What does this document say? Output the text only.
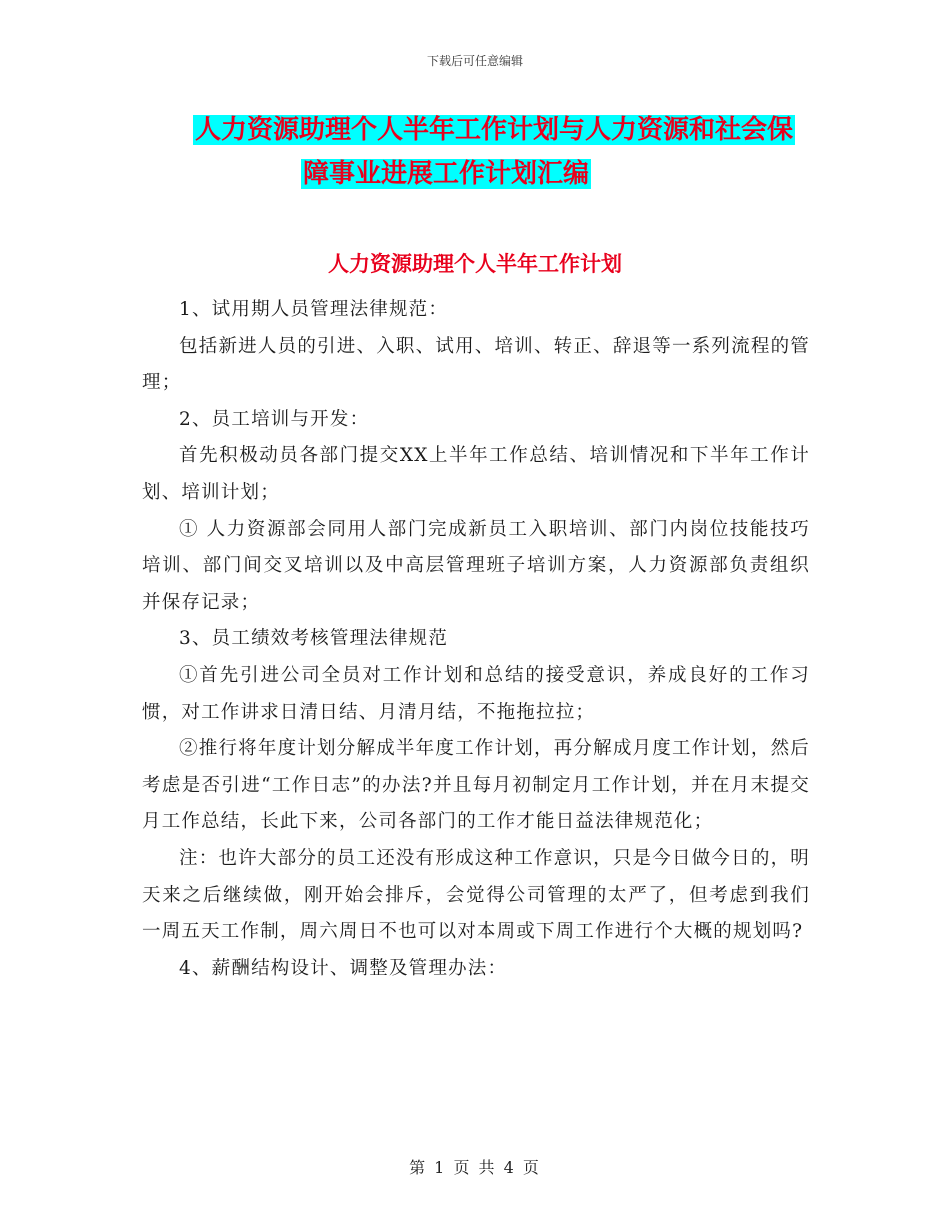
下载后可任意编辑
人力资源助理个人半年工作计划与人力资源和社会保
障事业进展工作计划汇编
人力资源助理个人半年工作计划

1、试用期人员管理法律规范：

包括新进人员的引进、入职、试用、培训、转正、辞退等一系列流程的管理；

2、员工培训与开发：

首先积极动员各部门提交XX上半年工作总结、培训情况和下半年工作计划、培训计划；

① 人力资源部会同用人部门完成新员工入职培训、部门内岗位技能技巧培训、部门间交叉培训以及中高层管理班子培训方案，人力资源部负责组织并保存记录；

3、员工绩效考核管理法律规范

①首先引进公司全员对工作计划和总结的接受意识，养成良好的工作习惯，对工作讲求日清日结、月清月结，不拖拖拉拉；

②推行将年度计划分解成半年度工作计划，再分解成月度工作计划，然后考虑是否引进“工作日志”的办法?并且每月初制定月工作计划，并在月末提交月工作总结，长此下来，公司各部门的工作才能日益法律规范化；

注：也许大部分的员工还没有形成这种工作意识，只是今日做今日的，明天来之后继续做，刚开始会排斥，会觉得公司管理的太严了，但考虑到我们一周五天工作制，周六周日不也可以对本周或下周工作进行个大概的规划吗?

4、薪酬结构设计、调整及管理办法：

第 1 页 共 4 页
